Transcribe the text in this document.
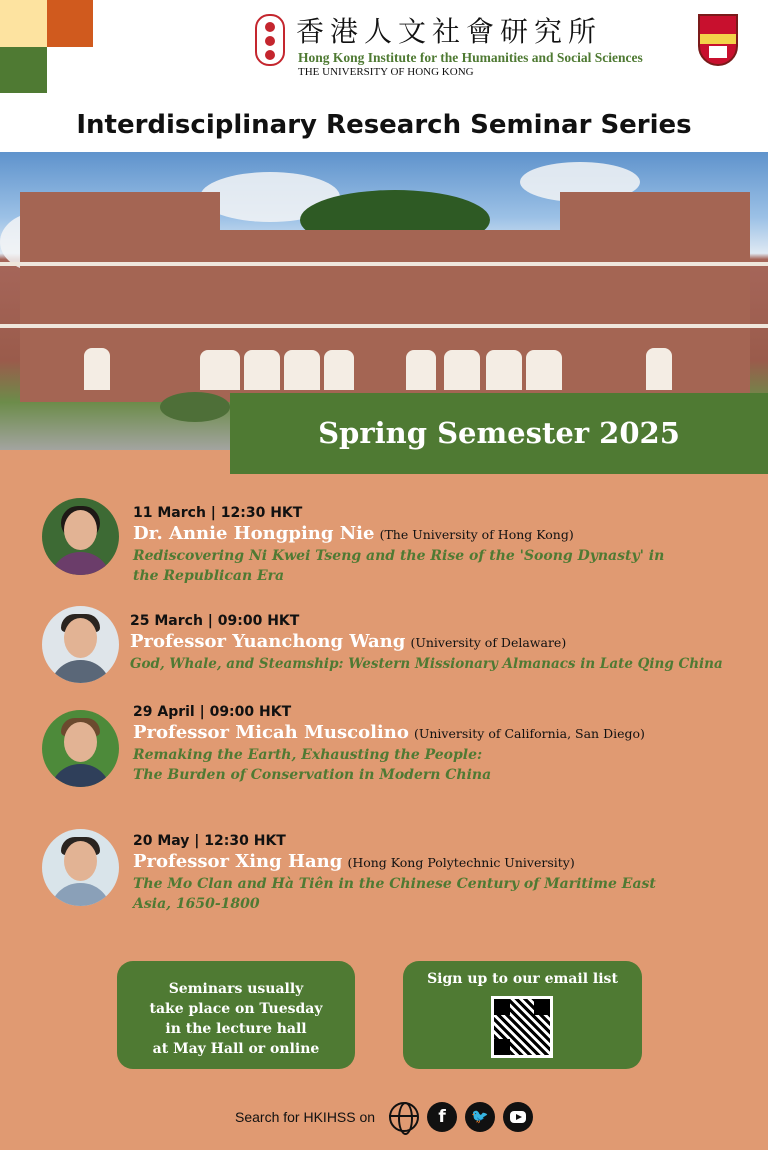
香港人文社會研究所
Hong Kong Institute for the Humanities and Social Sciences
THE UNIVERSITY OF HONG KONG
Interdisciplinary Research Seminar Series
Spring Semester 2025
11 March | 12:30 HKT
Dr. Annie Hongping Nie (The University of Hong Kong)
Rediscovering Ni Kwei Tseng and the Rise of the 'Soong Dynasty' in the Republican Era
25 March | 09:00 HKT
Professor Yuanchong Wang (University of Delaware)
God, Whale, and Steamship: Western Missionary Almanacs in Late Qing China
29 April | 09:00 HKT
Professor Micah Muscolino (University of California, San Diego)
Remaking the Earth, Exhausting the People:
The Burden of Conservation in Modern China
20 May | 12:30 HKT
Professor Xing Hang (Hong Kong Polytechnic University)
The Mo Clan and Hà Tiên in the Chinese Century of Maritime East Asia, 1650-1800
Seminars usually
take place on Tuesday
in the lecture hall
at May Hall or online
Sign up to our email list
Search for HKIHSS on	f	🐦
